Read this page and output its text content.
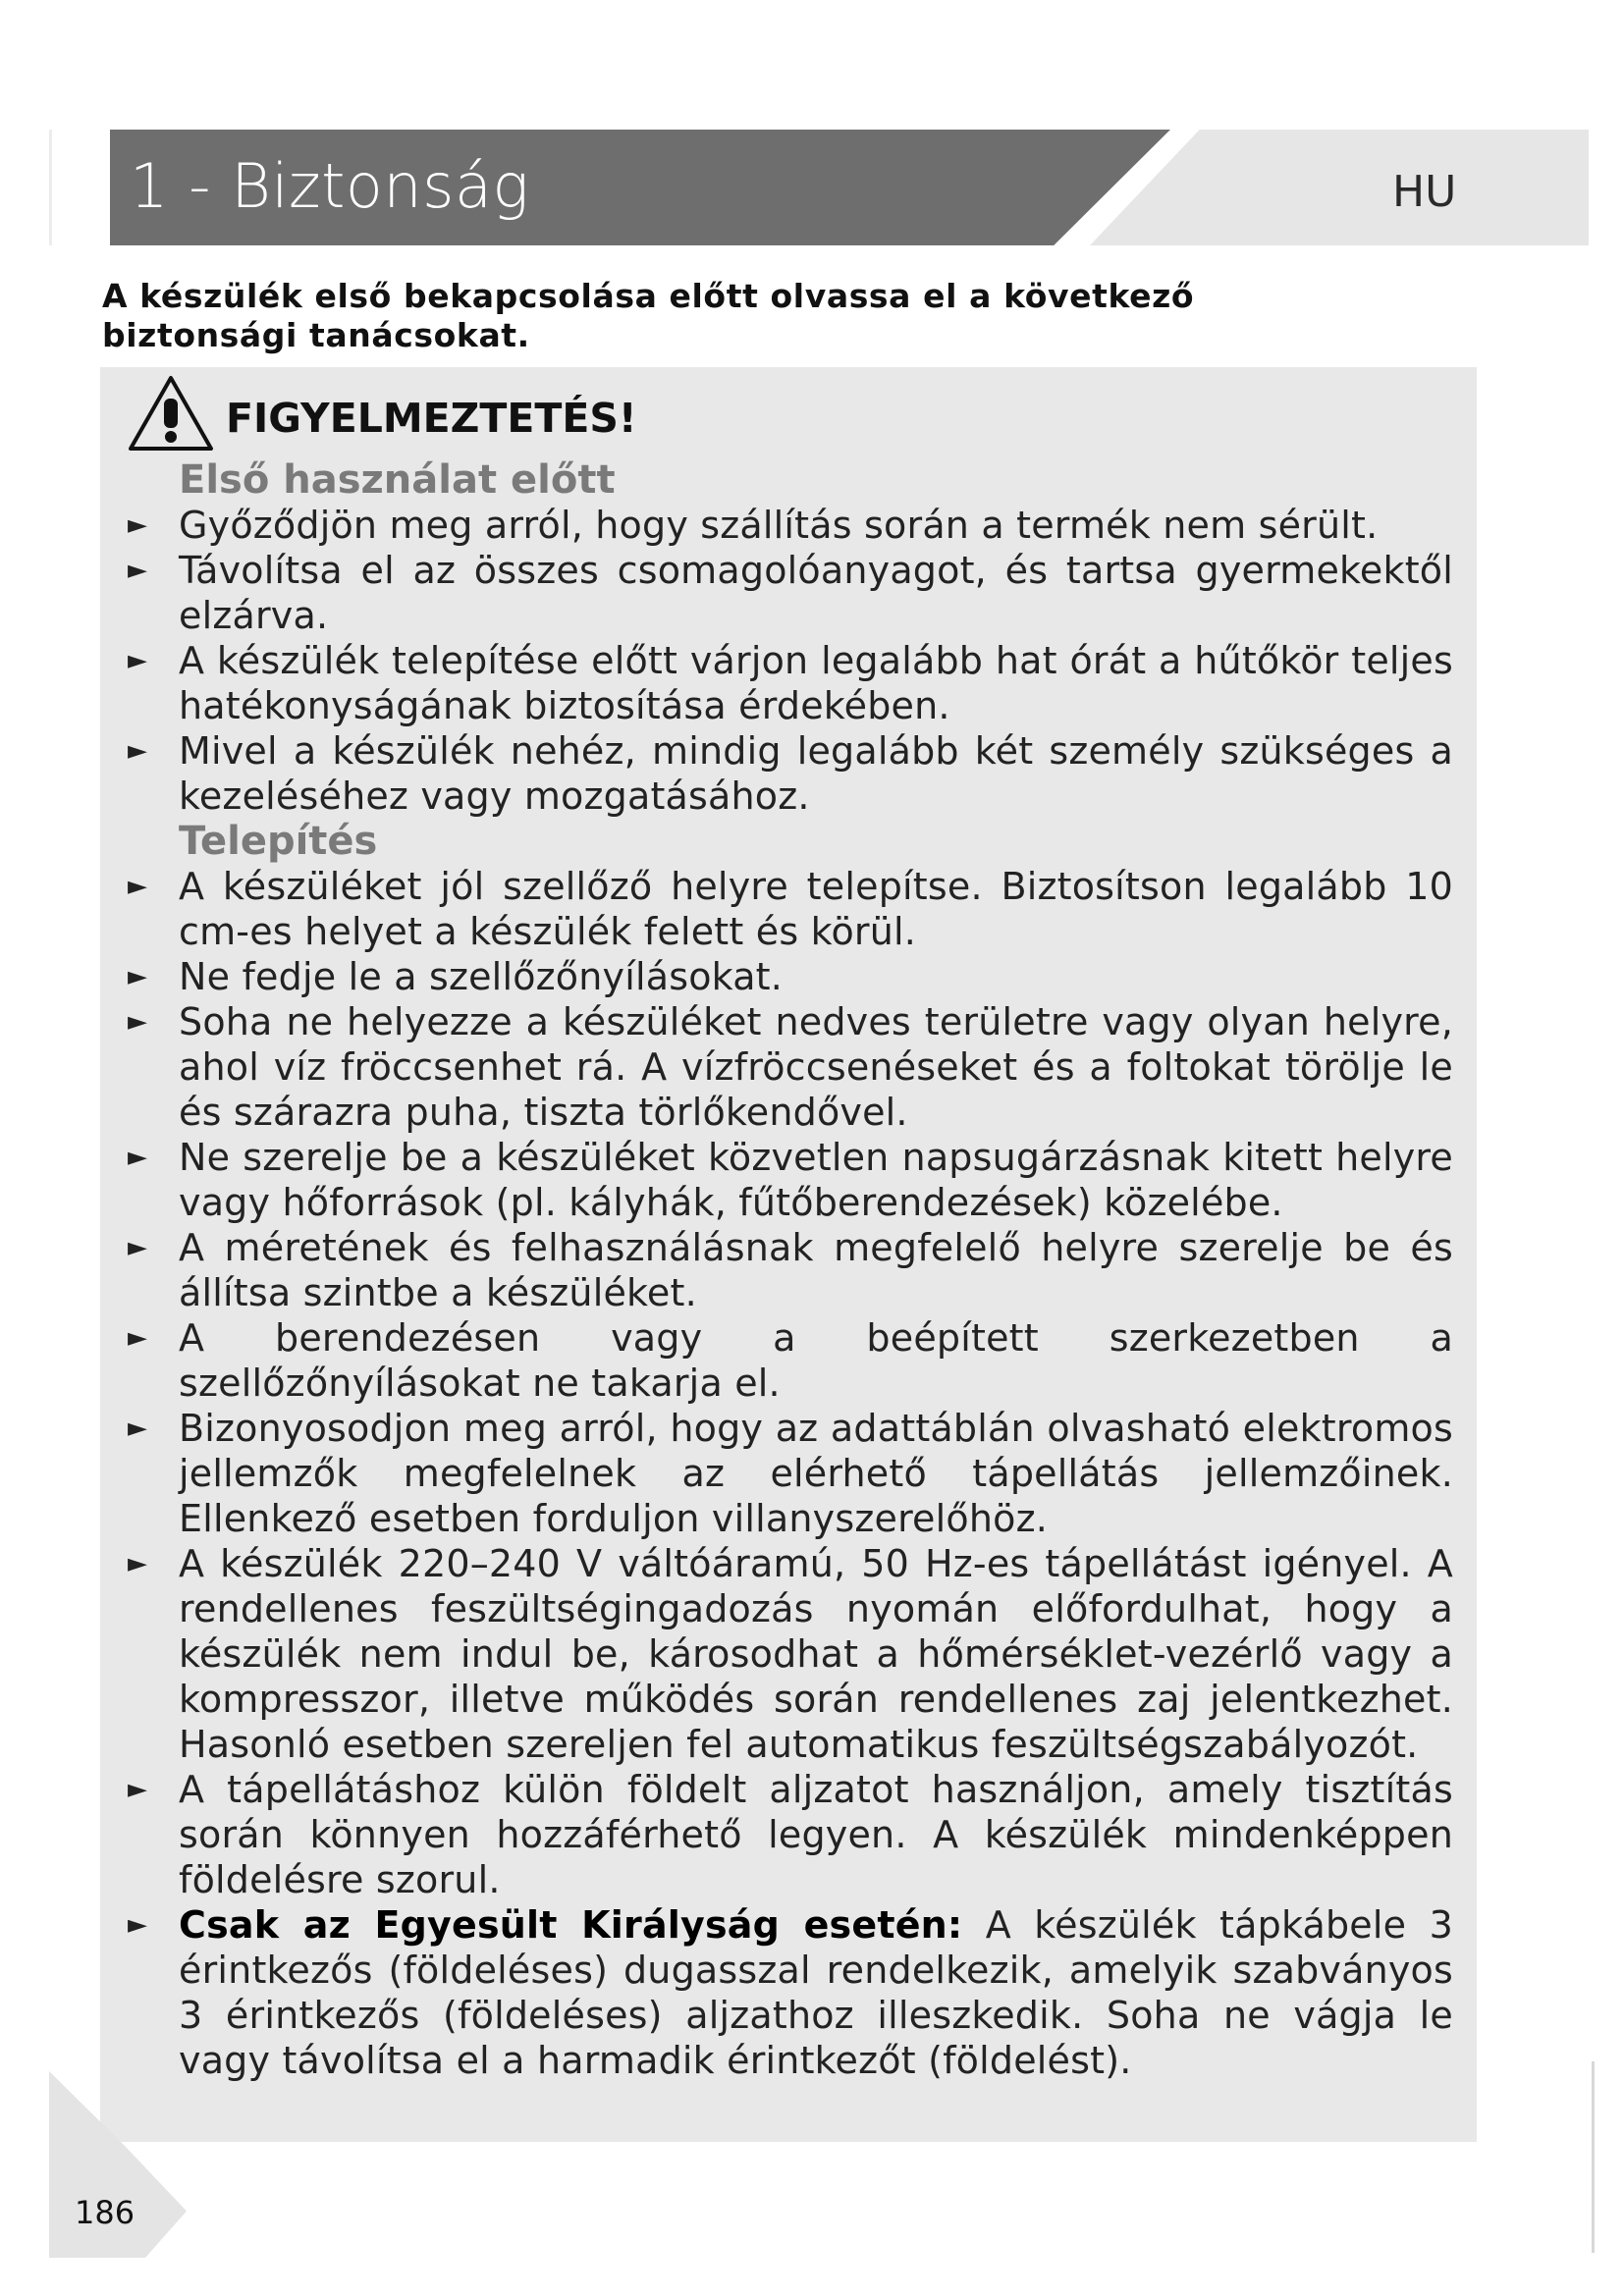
1 - Biztonság	HU
A készülék első bekapcsolása előtt olvassa el a következő biztonsági tanácsokat.
FIGYELMEZTETÉS!
Első használat előtt
► Győződjön meg arról, hogy szállítás során a termék nem sérült.
► Távolítsa el az összes csomagolóanyagot, és tartsa gyermekektől elzárva.
► A készülék telepítése előtt várjon legalább hat órát a hűtőkör teljes hatékonyságának biztosítása érdekében.
► Mivel a készülék nehéz, mindig legalább két személy szükséges a kezeléséhez vagy mozgatásához.
Telepítés
► A készüléket jól szellőző helyre telepítse. Biztosítson legalább 10 cm-es helyet a készülék felett és körül.
► Ne fedje le a szellőzőnyílásokat.
► Soha ne helyezze a készüléket nedves területre vagy olyan helyre, ahol víz fröccsenhet rá. A vízfröccsenéseket és a foltokat törölje le és szárazra puha, tiszta törlőkendővel.
► Ne szerelje be a készüléket közvetlen napsugárzásnak kitett helyre vagy hőforrások (pl. kályhák, fűtőberendezések) közelébe.
► A méretének és felhasználásnak megfelelő helyre szerelje be és állítsa szintbe a készüléket.
► A berendezésen vagy a beépített szerkezetben a szellőzőnyílásokat ne takarja el.
► Bizonyosodjon meg arról, hogy az adattáblán olvasható elektromos jellemzők megfelelnek az elérhető tápellátás jellemzőinek. Ellenkező esetben forduljon villanyszerelőhöz.
► A készülék 220–240 V váltóáramú, 50 Hz-es tápellátást igényel. A rendellenes feszültségingadozás nyomán előfordulhat, hogy a készülék nem indul be, károsodhat a hőmérséklet-vezérlő vagy a kompresszor, illetve működés során rendellenes zaj jelentkezhet. Hasonló esetben szereljen fel automatikus feszültségszabályozót.
► A tápellátáshoz külön földelt aljzatot használjon, amely tisztítás során könnyen hozzáférhető legyen. A készülék mindenképpen földelésre szorul.
► Csak az Egyesült Királyság esetén: A készülék tápkábele 3 érintkezős (földeléses) dugasszal rendelkezik, amelyik szabványos 3 érintkezős (földeléses) aljzathoz illeszkedik. Soha ne vágja le vagy távolítsa el a harmadik érintkezőt (földelést).
186
